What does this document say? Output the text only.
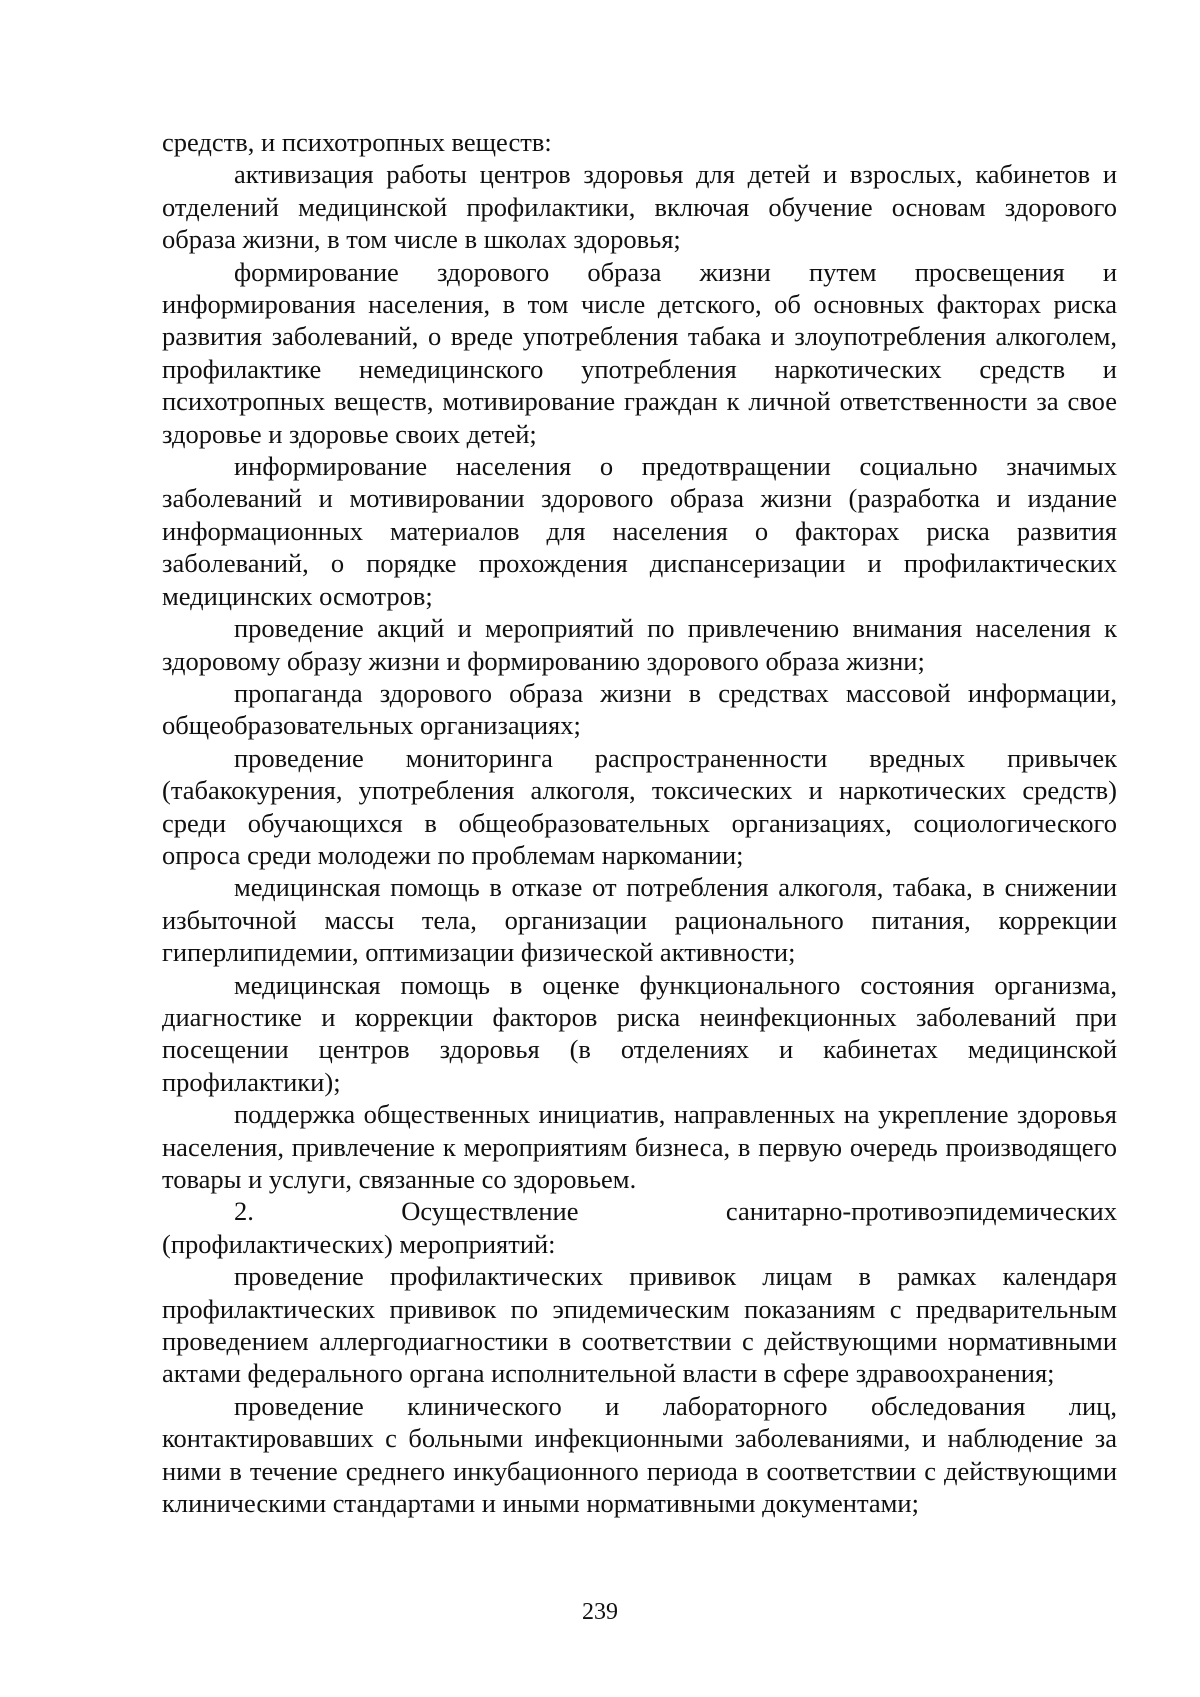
средств, и психотропных веществ:

активизация работы центров здоровья для детей и взрослых, кабинетов и отделений медицинской профилактики, включая обучение основам здорового образа жизни, в том числе в школах здоровья;

формирование здорового образа жизни путем просвещения и информирования населения, в том числе детского, об основных факторах риска развития заболеваний, о вреде употребления табака и злоупотребления алкоголем, профилактике немедицинского употребления наркотических средств и психотропных веществ, мотивирование граждан к личной ответственности за свое здоровье и здоровье своих детей;

информирование населения о предотвращении социально значимых заболеваний и мотивировании здорового образа жизни (разработка и издание информационных материалов для населения о факторах риска развития заболеваний, о порядке прохождения диспансеризации и профилактических медицинских осмотров;

проведение акций и мероприятий по привлечению внимания населения к здоровому образу жизни и формированию здорового образа жизни;

пропаганда здорового образа жизни в средствах массовой информации, общеобразовательных организациях;

проведение мониторинга распространенности вредных привычек (табакокурения, употребления алкоголя, токсических и наркотических средств) среди обучающихся в общеобразовательных организациях, социологического опроса среди молодежи по проблемам наркомании;

медицинская помощь в отказе от потребления алкоголя, табака, в снижении избыточной массы тела, организации рационального питания, коррекции гиперлипидемии, оптимизации физической активности;

медицинская помощь в оценке функционального состояния организма, диагностике и коррекции факторов риска неинфекционных заболеваний при посещении центров здоровья (в отделениях и кабинетах медицинской профилактики);

поддержка общественных инициатив, направленных на укрепление здоровья населения, привлечение к мероприятиям бизнеса, в первую очередь производящего товары и услуги, связанные со здоровьем.

2. Осуществление санитарно-противоэпидемических

(профилактических) мероприятий:

проведение профилактических прививок лицам в рамках календаря профилактических прививок по эпидемическим показаниям с предварительным проведением аллергодиагностики в соответствии с действующими нормативными актами федерального органа исполнительной власти в сфере здравоохранения;

проведение клинического и лабораторного обследования лиц, контактировавших с больными инфекционными заболеваниями, и наблюдение за ними в течение среднего инкубационного периода в соответствии с действующими клиническими стандартами и иными нормативными документами;

239
